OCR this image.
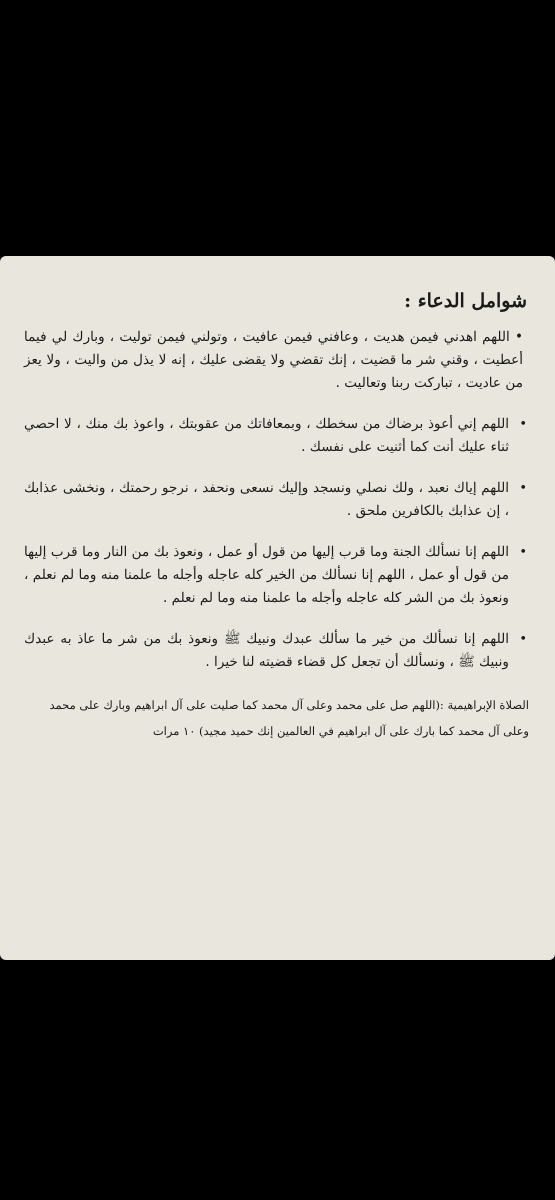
شوامل الدعاء :
• اللهم اهدني فيمن هديت ، وعافني فيمن عافيت ، وتولني فيمن توليت ، وبارك لي فيما أعطيت ، وقني شر ما قضيت ، إنك تقضي ولا يقضى عليك ، إنه لا يذل من واليت ، ولا يعز من عاديت ، تباركت ربنا وتعاليت .
•
اللهم إني أعوذ برضاك من سخطك ، وبمعافاتك من عقوبتك ، واعوذ بك منك ، لا احصي ثناء عليك أنت كما أثنيت على نفسك .
•
اللهم إياك نعبد ، ولك نصلي ونسجد وإليك نسعى ونحفد ، نرجو رحمتك ، ونخشى عذابك ، إن عذابك بالكافرين ملحق .
•
اللهم إنا نسألك الجنة وما قرب إليها من قول أو عمل ، ونعوذ بك من النار وما قرب إليها من قول أو عمل ، اللهم إنا نسألك من الخير كله عاجله وأجله ما علمنا منه وما لم نعلم ، ونعوذ بك من الشر كله عاجله وأجله ما علمنا منه وما لم نعلم .
•
اللهم إنا نسألك من خير ما سألك عبدك ونبيك ﷺ ونعوذ بك من شر ما عاذ به عبدك ونبيك ﷺ ، ونسألك أن تجعل كل قضاء قضيته لنا خيرا .
الصلاة الإبراهيمية :(اللهم صل على محمد وعلى آل محمد كما صليت على آل ابراهيم وبارك على محمد وعلى آل محمد كما بارك على آل ابراهيم في العالمين إنك حميد مجيد) ١٠ مرات
